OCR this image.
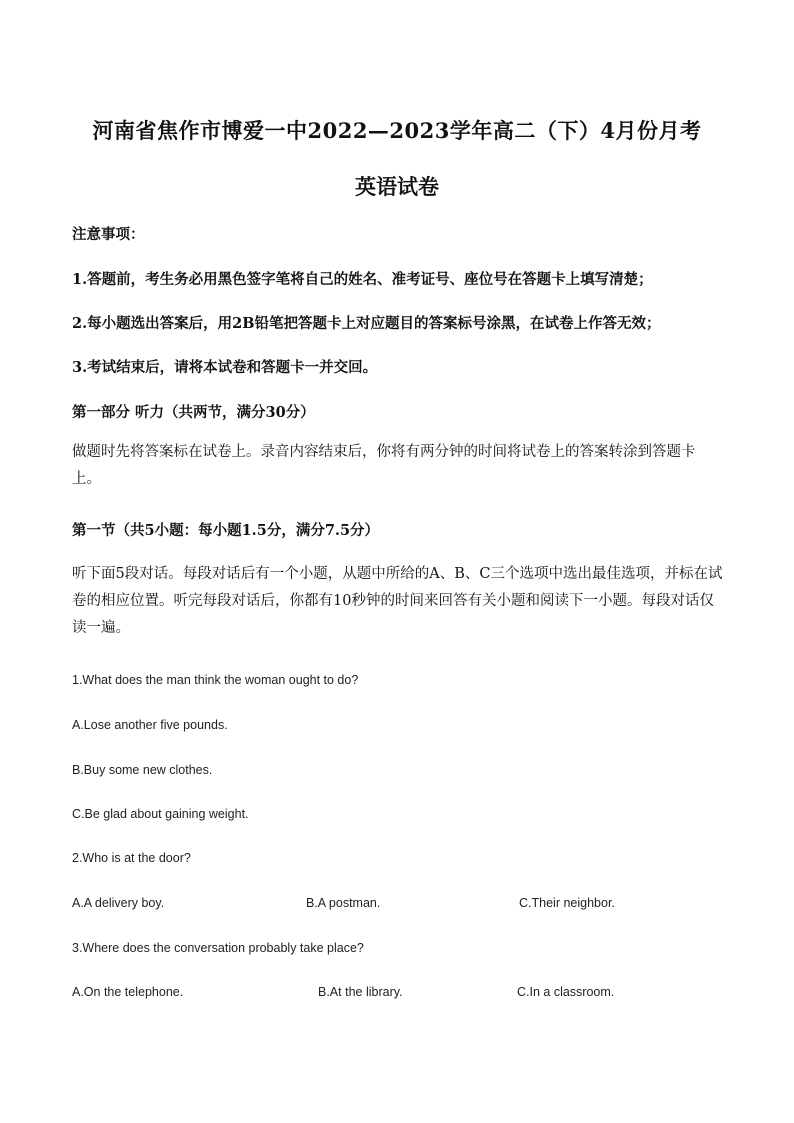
河南省焦作市博爱一中2022—2023学年高二（下）4月份月考
英语试卷
注意事项：
1.答题前，考生务必用黑色签字笔将自己的姓名、准考证号、座位号在答题卡上填写清楚；
2.每小题选出答案后，用2B铅笔把答题卡上对应题目的答案标号涂黑，在试卷上作答无效；
3.考试结束后，请将本试卷和答题卡一并交回。
第一部分 听力（共两节，满分30分）
做题时先将答案标在试卷上。录音内容结束后，你将有两分钟的时间将试卷上的答案转涂到答题卡上。
第一节（共5小题：每小题1.5分，满分7.5分）
听下面5段对话。每段对话后有一个小题，从题中所给的A、B、C三个选项中选出最佳选项，并标在试卷的相应位置。听完每段对话后，你都有10秒钟的时间来回答有关小题和阅读下一小题。每段对话仅读一遍。
1.What does the man think the woman ought to do?
A.Lose another five pounds.
B.Buy some new clothes.
C.Be glad about gaining weight.
2.Who is at the door?
A.A delivery boy.	B.A postman.	C.Their neighbor.
3.Where does the conversation probably take place?
A.On the telephone.	B.At the library.	C.In a classroom.
